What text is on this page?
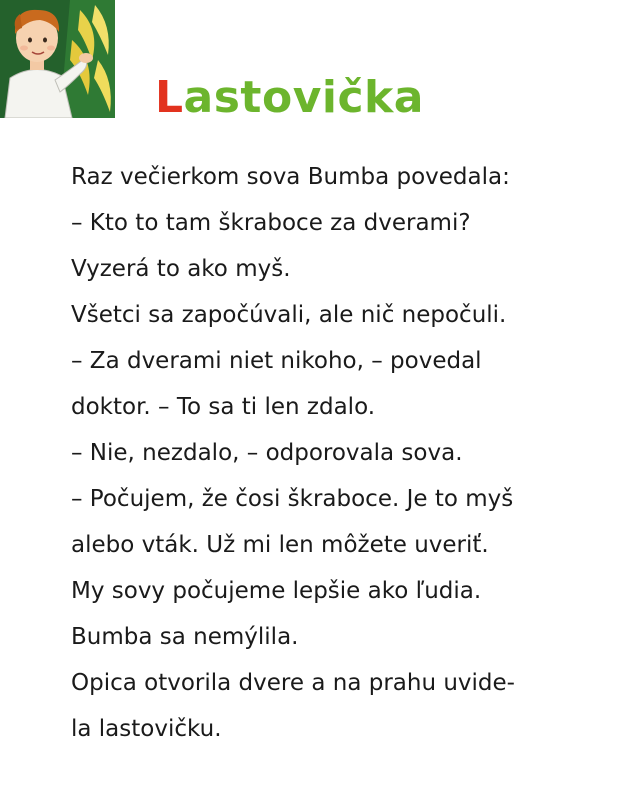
Lastovička
Raz večierkom sova Bumba povedala:
– Kto to tam škraboce za dverami?
Vyzerá to ako myš.
Všetci sa započúvali, ale nič nepočuli.
– Za dverami niet nikoho, – povedal
doktor. – To sa ti len zdalo.
– Nie, nezdalo, – odporovala sova.
– Počujem, že čosi škraboce. Je to myš
alebo vták. Už mi len môžete uveriť.
My sovy počujeme lepšie ako ľudia.
Bumba sa nemýlila.
Opica otvorila dvere a na prahu uvide-
la lastovičku.
